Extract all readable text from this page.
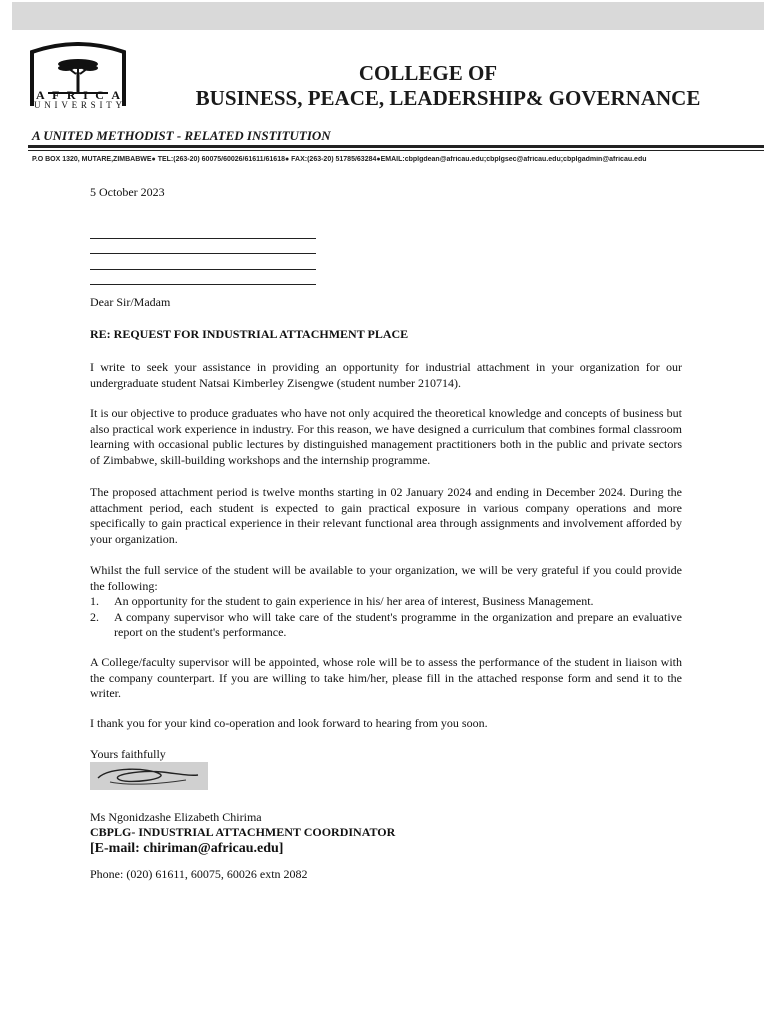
AFRICA
UNIVERSITY
COLLEGE OF
BUSINESS, PEACE, LEADERSHIP& GOVERNANCE
A UNITED METHODIST - RELATED INSTITUTION
P.O BOX 1320, MUTARE,ZIMBABWE● TEL:(263-20) 60075/60026/61611/61618● FAX:(263-20) 51785/63284●EMAIL:cbplgdean@africau.edu;cbplgsec@africau.edu;cbplgadmin@africau.edu
5 October 2023
Dear Sir/Madam
RE: REQUEST FOR INDUSTRIAL ATTACHMENT PLACE
I write to seek your assistance in providing an opportunity for industrial attachment in your organization for our undergraduate student Natsai Kimberley Zisengwe (student number 210714).
It is our objective to produce graduates who have not only acquired the theoretical knowledge and concepts of business but also practical work experience in industry. For this reason, we have designed a curriculum that combines formal classroom learning with occasional public lectures by distinguished management practitioners both in the public and private sectors of Zimbabwe, skill-building workshops and the internship programme.
The proposed attachment period is twelve months starting in 02 January 2024 and ending in December 2024. During the attachment period, each student is expected to gain practical exposure in various company operations and more specifically to gain practical experience in their relevant functional area through assignments and involvement afforded by your organization.
Whilst the full service of the student will be available to your organization, we will be very grateful if you could provide the following:
1. An opportunity for the student to gain experience in his/ her area of interest, Business Management.
2. A company supervisor who will take care of the student's programme in the organization and prepare an evaluative report on the student's performance.
A College/faculty supervisor will be appointed, whose role will be to assess the performance of the student in liaison with the company counterpart. If you are willing to take him/her, please fill in the attached response form and send it to the writer.
I thank you for your kind co-operation and look forward to hearing from you soon.
Yours faithfully
Ms Ngonidzashe Elizabeth Chirima
CBPLG- INDUSTRIAL ATTACHMENT COORDINATOR
[E-mail: chiriman@africau.edu]
Phone: (020) 61611, 60075, 60026 extn 2082
